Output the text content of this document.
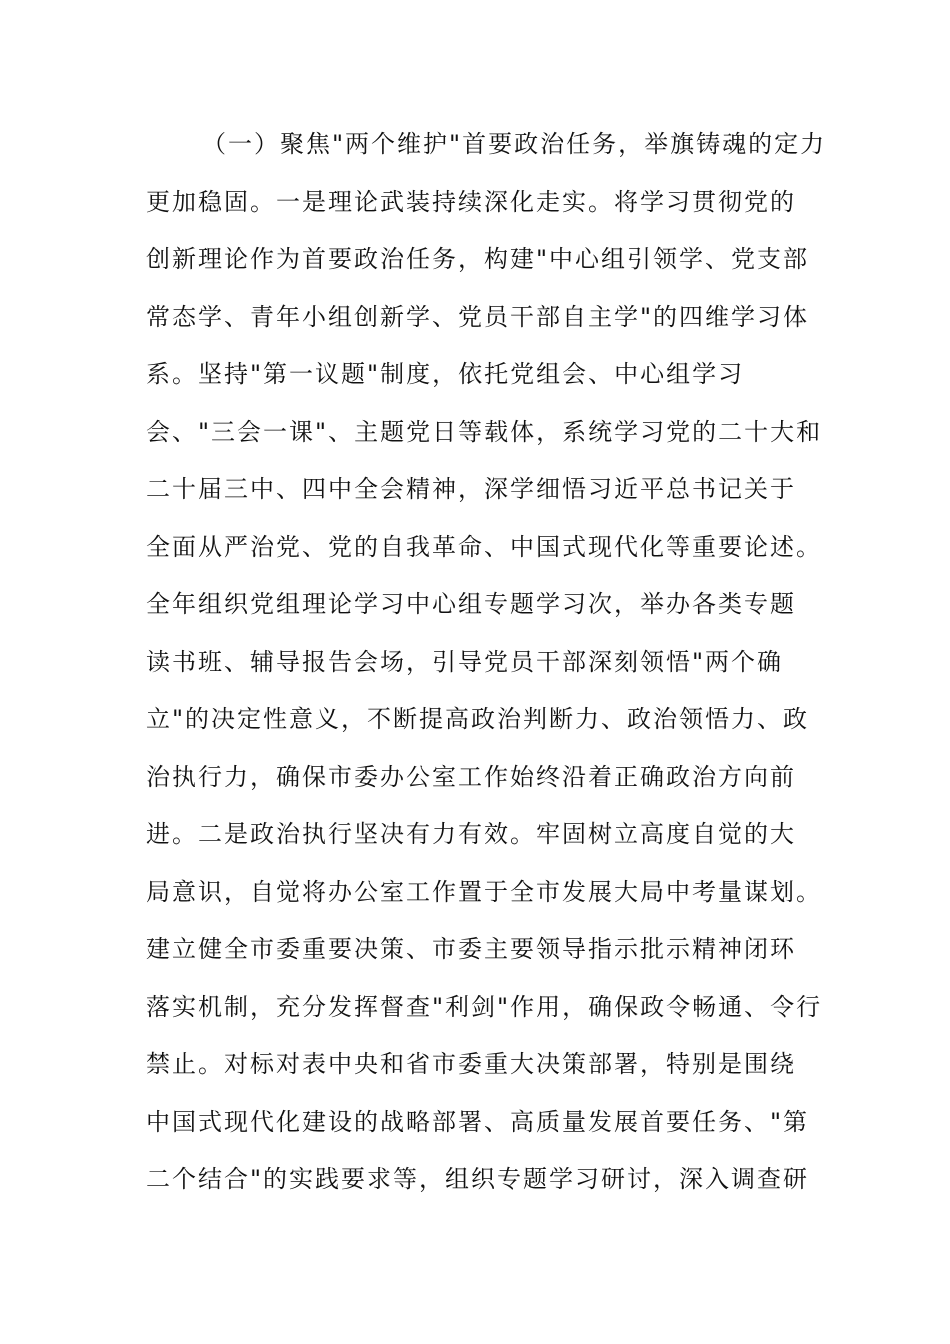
（一）聚焦"两个维护"首要政治任务，举旗铸魂的定力
更加稳固。一是理论武装持续深化走实。将学习贯彻党的
创新理论作为首要政治任务，构建"中心组引领学、党支部
常态学、青年小组创新学、党员干部自主学"的四维学习体
系。坚持"第一议题"制度，依托党组会、中心组学习
会、"三会一课"、主题党日等载体，系统学习党的二十大和
二十届三中、四中全会精神，深学细悟习近平总书记关于
全面从严治党、党的自我革命、中国式现代化等重要论述。
全年组织党组理论学习中心组专题学习次，举办各类专题
读书班、辅导报告会场，引导党员干部深刻领悟"两个确
立"的决定性意义，不断提高政治判断力、政治领悟力、政
治执行力，确保市委办公室工作始终沿着正确政治方向前
进。二是政治执行坚决有力有效。牢固树立高度自觉的大
局意识，自觉将办公室工作置于全市发展大局中考量谋划。
建立健全市委重要决策、市委主要领导指示批示精神闭环
落实机制，充分发挥督查"利剑"作用，确保政令畅通、令行
禁止。对标对表中央和省市委重大决策部署，特别是围绕
中国式现代化建设的战略部署、高质量发展首要任务、"第
二个结合"的实践要求等，组织专题学习研讨，深入调查研
